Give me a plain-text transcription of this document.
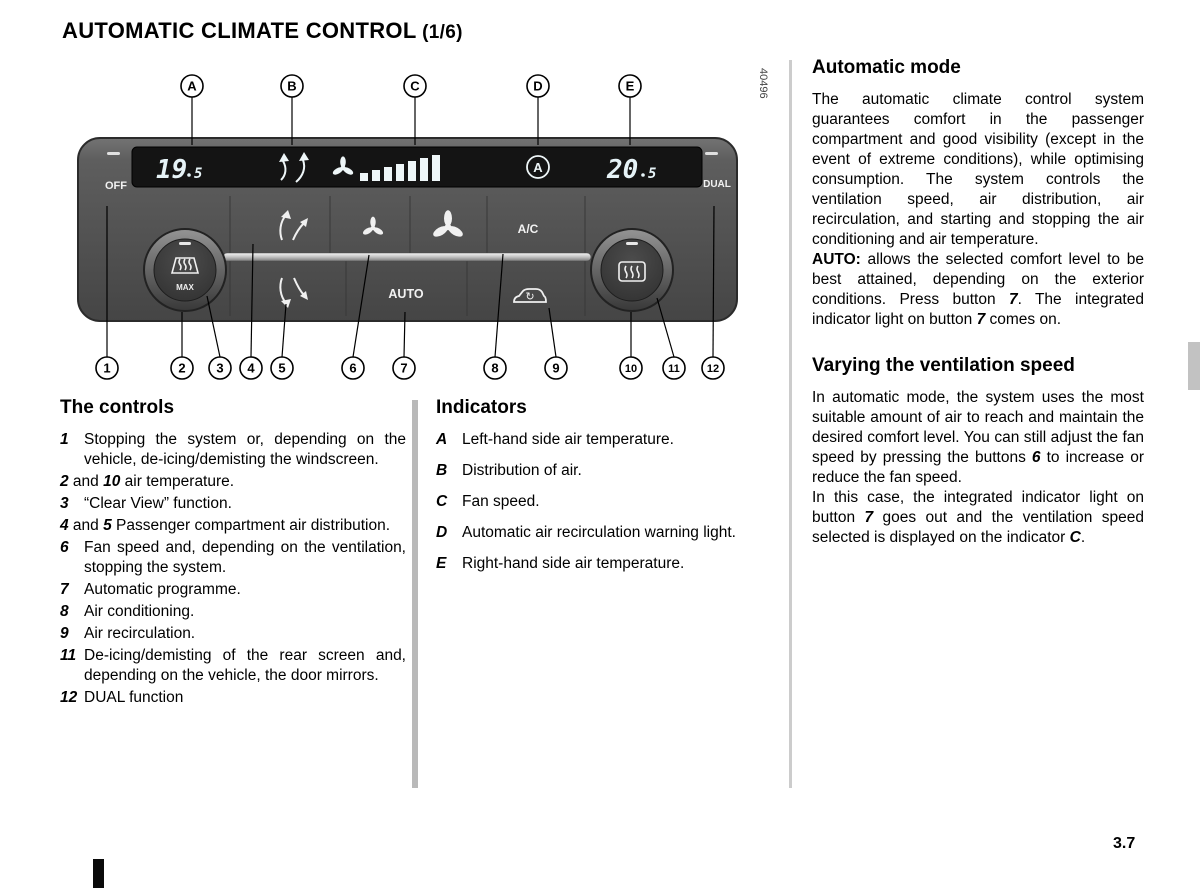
AUTOMATIC CLIMATE CONTROL (1/6)
40496
OFF	DUAL
19 5	A 20 5
A/C
AUTO	↻
MAX
A	B	C	D	E
1	2 3 4 5	6	7	8	9	10	11 12
The controls
1 Stopping the system or, depending on the vehicle, de-icing/demisting the windscreen.
2 and 10 air temperature.
3 “Clear View” function.
4 and 5 Passenger compartment air distribution.
6 Fan speed and, depending on the ventilation, stopping the system.
7 Automatic programme.
8 Air conditioning.
9 Air recirculation.
11 De-icing/demisting of the rear screen and, depending on the vehicle, the door mirrors.
12 DUAL function
Indicators
A Left-hand side air temperature.
B Distribution of air.
C Fan speed.
D Automatic air recirculation warning light.
E Right-hand side air temperature.
Automatic mode

The automatic climate control system guarantees comfort in the passenger compartment and good visibility (except in the event of extreme conditions), while optimising consumption. The system controls the ventilation speed, air distribution, air recirculation, and starting and stopping the air conditioning and air temperature.

AUTO: allows the selected comfort level to be best attained, depending on the exterior conditions. Press button 7. The integrated indicator light on button 7 comes on.

Varying the ventilation speed

In automatic mode, the system uses the most suitable amount of air to reach and maintain the desired comfort level. You can still adjust the fan speed by pressing the buttons 6 to increase or reduce the fan speed.

In this case, the integrated indicator light on button 7 goes out and the ventilation speed selected is displayed on the indicator C.

3.7
